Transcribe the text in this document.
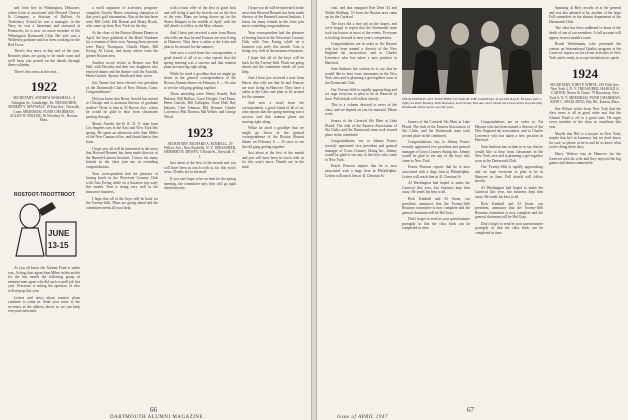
and John live in Wilmington, Delaware, where Irwin is associated with Howard Cleaver & Company, a division of DuPont. At Tewksbury School he was a manager; in the Navy he was a lieutenant and stationed at Pensacola; he is now an active member of the Wilmington Dartmouth Club. His wife was a Wellesley graduate and has been working for the Red Cross.

There's less news at this end of the year. Reunion plans are going to be made soon and we'll keep you posted on the details through these columns.

There's less news at this end...

1922

SECRETARY, ANDREW MARSHALL, 4 Arlington St., Cambridge, Pa. TREASURER, ROBERT V. MAYWALT, 19 East Ave., Norwalk, Conn. MEMORIAL FUND CHAIRMAN, ALLEN W. MILLER, 36 Newbury St., Boston, Mass.

ROSTOOT-TROOTTROOT
JUNE
13-15

At you all know the Alumni Fund is under way. Acting class agent Sam Milne in this article for the last month the following group of eminent men agree who did such a swell job last year. Everyone is asking the question of who will step up this year.

Letters and news about reunion plans continue to come in. Send your notes to the secretary at the address above so we can keep everyone informed.

a swell organizer of activities; program-complete Charley Hines, returning champion of this year's golf tournament. Also at the luncheon were Bill Cobb, Hal Bearne and Henry Brock, who came up from New York for the day.

At the close of the Boston Alumni Dinner in April, the boys gathered at the Hotel Vendome for a reunion of their own. Among those present were Harry Thompson, Charlie Hines, Bill Ewing, Al Lacon, and many others from the greater Boston area.

Another secret visitor to Boston was Hal Hall, with Dorothy and their two daughters who enjoyed dinner and the theatre with the Arnolds, Herm Garlick, Spence Smith and their wives.

Jim Tanner has been elected vice president of the Dartmouth Club of New Britain, Conn. Congratulations!

Did you know that Henry Arnold has moved to Chicago and is assistant director of graduate studies? Write to him at 33 Brown Ave., where he would be glad to hear from classmates passing through.

Monte Arnold, the B. B. D. O. man from Los Angeles was in the East and New York this spring. He spent an afternoon with Sam Miller of the New Canaan office, and found him in fine form.

I hope you all will be interested in the news that Howard Bennett has been made director of the Burnett-Lamont Institute. I know his many friends in the class join me in extending congratulations.

Your correspondent had the pleasure of having lunch in the Worcester Country Club with Tom Ewing while on a business trip early this month. Tom is doing very well in the insurance business.

I hope that all of the boys will be back for the Twenty-fifth. Plans are going ahead and the committee needs all your help.

with a toast offer of the best of good luck and will bring it and the brooch out on the first of the year. Plans are being drawn up for the Skiers Banquet in the middle of April, with the full details to follow in the May column.

And I have just received a note from Harris who tells me that he and Frances are now living in Hanover. They have a cabin at the Lake and plan to be around for the summer.

And now a word from the correspondent, a good friend of all of us, who reports that the spring meeting was a success and that reunion plans are moving right along.

While he aired a goodbye that we might go down in the general correspondence of the Boston Alumni dinner on February 6 — It's nice to see the old gang getting together.

Those attending were: Henry Arnold, Bob Babson, Bill Bollow, Carol Dwight, Carl Dunn, Herm Garlick, Bill Gallagher, Gene Hall, Ray Haynes, Chet Johnson, Bill Keenan, Charlie Lawrence, Phil Thomas, Hal Wilder, and George Wood.

1923

SECRETARY, RICHARD A. KIMBALL, 29 Willow Ave., New Rochelle, N. Y. TREASURER, HERBERT R. DEWEY, 5 Broad St., Norwalk, N. J.

Just about at the first of the month and you will have been in touch with us for this year's news. Details are in the mail.

If you can't hope to be on time for the spring meeting, the committee says they will go right ahead anyway.

I hope you all will be interested in the news that Howard Bennett has been made director of the Burnett-Lamont Institute. I know his many friends in the class join me in extending congratulations.

Your correspondent had the pleasure of having lunch in the Worcester Country Club with Tom Ewing while on a business trip early this month. Tom is doing very well in the insurance business.

I hope that all of the boys will be back for the Twenty-fifth. Plans are going ahead and the committee needs all your help.

And I have just received a note from Harris who tells me that he and Frances are now living in Hanover. They have a cabin at the Lake and plan to be around for the summer.

And now a word from the correspondent, a good friend of all of us, who reports that the spring meeting was a success and that reunion plans are moving right along.

While he aired a goodbye that we might go down in the general correspondence of the Boston Alumni dinner on February 6 — It's nice to see the old gang getting together.

Just about at the first of the month and you will have been in touch with us for this year's news. Details are in the mail.

66
DARTMOUTH ALUMNI MAGAZINE

visit, and that equipped Ken Dent '24 and Waldo Skillings '23 from the Boston area came up for the Carnival.

The boys did a fine job on the slopes, and we're happy to report that the Dartmouth team took top honors in most of the events. Everyone is looking forward to next year's competition.

Congratulations are in order to Art Haynes who has been named a director of the New England ski association, and to Charlie Lawrence who has taken a new position in Hartford.

Sam Sanborn has written in to say that he would like to hear from classmates in the New York area and is planning a get-together soon at the Dartmouth Club.

Our Twenty-fifth is rapidly approaching and we urge everyone to plan to be in Hanover in June. Full details will follow shortly.

This is a column devoted to news of the class, and we depend on you for material. Please write.

honors of the Carnival Ski Meet at Lake Placid. The club of the Eastern Association of Ski Clubs, and the Dartmouth team took second place in the combined.

Congratulations, too, to Johnny Foster, recently appointed vice president and general manager of Cross Country Skiing Inc. Johnny would be glad to see any of the boys who come to New York.

Ernest Pearson reports that he is now associated with a large firm in Philadelphia. Letters will reach him at 41 Chestnut St.

FOUR EXPERTS GET TOGETHER TO WATCH THE CARNIVAL SLALOM RACE. Pictured (left to right) are Dave Bradley, Dick Durrance, and Charley McLane, all of whom have been active in promoting Dartmouth winter sports over the years.

honors of the Carnival Ski Meet at Lake Placid. The club of the Eastern Association of Ski Clubs, and the Dartmouth team took second place in the combined.

Congratulations, too, to Johnny Foster, recently appointed vice president and general manager of Cross Country Skiing Inc. Johnny would be glad to see any of the boys who come to New York.

Ernest Pearson reports that he is now associated with a large firm in Philadelphia. Letters will reach him at 41 Chestnut St.

Al Washington had hoped to make the Carnival this year, but business kept him away. He sends his best to all.

Rick Kimball and Al Stone, our president, announce that the Twenty-fifth Reunion committee is now complete and the general chairman will be Hal Gray.

Don't forget to send in your questionnaire promptly so that the class book can be completed in time.

Congratulations are in order to Art Haynes who has been named a director of the New England ski association, and to Charlie Lawrence who has taken a new position in Hartford.

Sam Sanborn has written in to say that he would like to hear from classmates in the New York area and is planning a get-together soon at the Dartmouth Club.

Our Twenty-fifth is rapidly approaching and we urge everyone to plan to be in Hanover in June. Full details will follow shortly.

Al Washington had hoped to make the Carnival this year, but business kept him away. He sends his best to all.

Rick Kimball and Al Stone, our president, announce that the Twenty-fifth Reunion committee is now complete and the general chairman will be Hal Gray.

Don't forget to send in your questionnaire promptly so that the class book can be completed in time.

Sparking of Bob records of at the general and was also pleased to be, another of the large Fall committee in the alumni department of the Dartmouth Club.

The class has been saddened to learn of the death of one of our members. A full account will appear in next month's issue.

Brook Weidemann, who presented the contest an International Quality program at the Carnival, reports on his recent activities in New York and is ready to accept invitations to speak.

1924

SECRETARY, JOHN P. WHITE, 190 Fifth Ave., New York 3, N. Y. TREASURER, HAROLD A. CARTER, Nimes & Chase, 79 Broadway, New York 6, N. Y. MEMORIAL FUND CHAIRMAN, JOHN C. SPAULDING, Bay Rd., Easton, Mass.

Jim Wilson writes from New York that the class news is all in good order and that the Alumni Fund is off to a good start. He urges every member of the class to contribute this year.

Maybe that Bill is a lawyer in New York; maybe that he's in business; but we don't know for sure, so please write in and let us know what you're doing these days.

Harry Walters was in Hanover for the Carnival with his wife and they enjoyed the big games and dances immensely.

67
Issue of APRIL 1947
